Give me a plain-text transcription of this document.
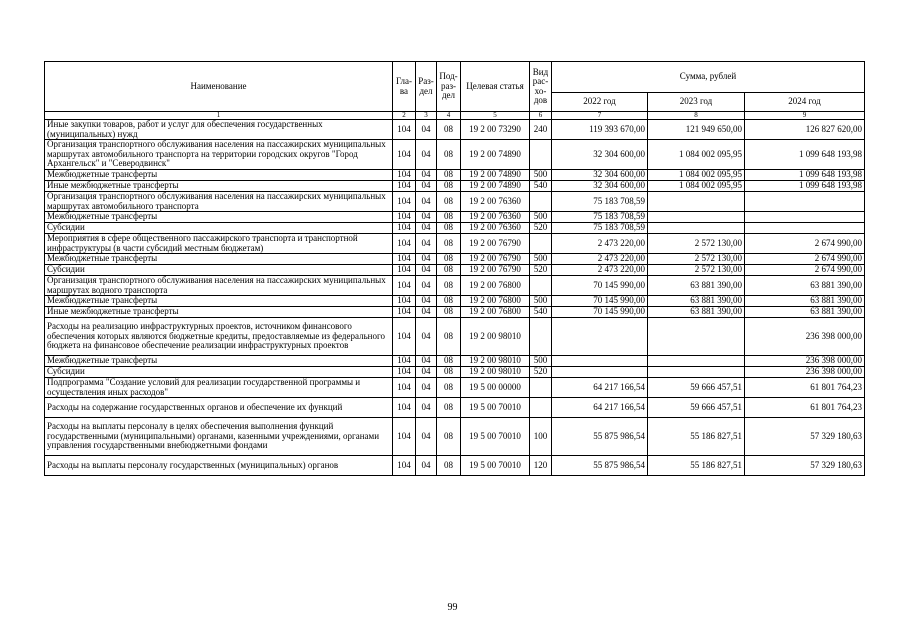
Наименование	Гла-ва	Раз-дел	Под-раз-дел	Целевая статья	Вид рас-хо-дов	Сумма, рублей		
						2022 год	2023 год	2024 год
1	2	3	4	5	6	7	8	9
Иные закупки товаров, работ и услуг для обеспечения государственных (муниципальных) нужд	104	04	08	19 2 00 73290	240	119 393 670,00	121 949 650,00	126 827 620,00
Организация транспортного обслуживания населения на пассажирских муниципальных маршрутах автомобильного транспорта на территории городских округов "Город Архангельск" и "Северодвинск"	104	04	08	19 2 00 74890		32 304 600,00	1 084 002 095,95	1 099 648 193,98
Межбюджетные трансферты	104	04	08	19 2 00 74890	500	32 304 600,00	1 084 002 095,95	1 099 648 193,98
Иные межбюджетные трансферты	104	04	08	19 2 00 74890	540	32 304 600,00	1 084 002 095,95	1 099 648 193,98
Организация транспортного обслуживания населения на пассажирских муниципальных маршрутах автомобильного транспорта	104	04	08	19 2 00 76360		75 183 708,59		
Межбюджетные трансферты	104	04	08	19 2 00 76360	500	75 183 708,59		
Субсидии	104	04	08	19 2 00 76360	520	75 183 708,59		
Мероприятия в сфере общественного пассажирского транспорта и транспортной инфраструктуры (в части субсидий местным бюджетам)	104	04	08	19 2 00 76790		2 473 220,00	2 572 130,00	2 674 990,00
Межбюджетные трансферты	104	04	08	19 2 00 76790	500	2 473 220,00	2 572 130,00	2 674 990,00
Субсидии	104	04	08	19 2 00 76790	520	2 473 220,00	2 572 130,00	2 674 990,00
Организация транспортного обслуживания населения на пассажирских муниципальных маршрутах водного транспорта	104	04	08	19 2 00 76800		70 145 990,00	63 881 390,00	63 881 390,00
Межбюджетные трансферты	104	04	08	19 2 00 76800	500	70 145 990,00	63 881 390,00	63 881 390,00
Иные межбюджетные трансферты	104	04	08	19 2 00 76800	540	70 145 990,00	63 881 390,00	63 881 390,00
Расходы на реализацию инфраструктурных проектов, источником финансового обеспечения которых являются бюджетные кредиты, предоставляемые из федерального бюджета на финансовое обеспечение реализации инфраструктурных проектов	104	04	08	19 2 00 98010				236 398 000,00
Межбюджетные трансферты	104	04	08	19 2 00 98010	500			236 398 000,00
Субсидии	104	04	08	19 2 00 98010	520			236 398 000,00
Подпрограмма "Создание условий для реализации государственной программы и осуществления иных расходов"	104	04	08	19 5 00 00000		64 217 166,54	59 666 457,51	61 801 764,23
Расходы на содержание государственных органов и обеспечение их функций	104	04	08	19 5 00 70010		64 217 166,54	59 666 457,51	61 801 764,23
Расходы на выплаты персоналу в целях обеспечения выполнения функций государственными (муниципальными) органами, казенными учреждениями, органами управления государственными внебюджетными фондами	104	04	08	19 5 00 70010	100	55 875 986,54	55 186 827,51	57 329 180,63
Расходы на выплаты персоналу государственных (муниципальных) органов	104	04	08	19 5 00 70010	120	55 875 986,54	55 186 827,51	57 329 180,63
99
